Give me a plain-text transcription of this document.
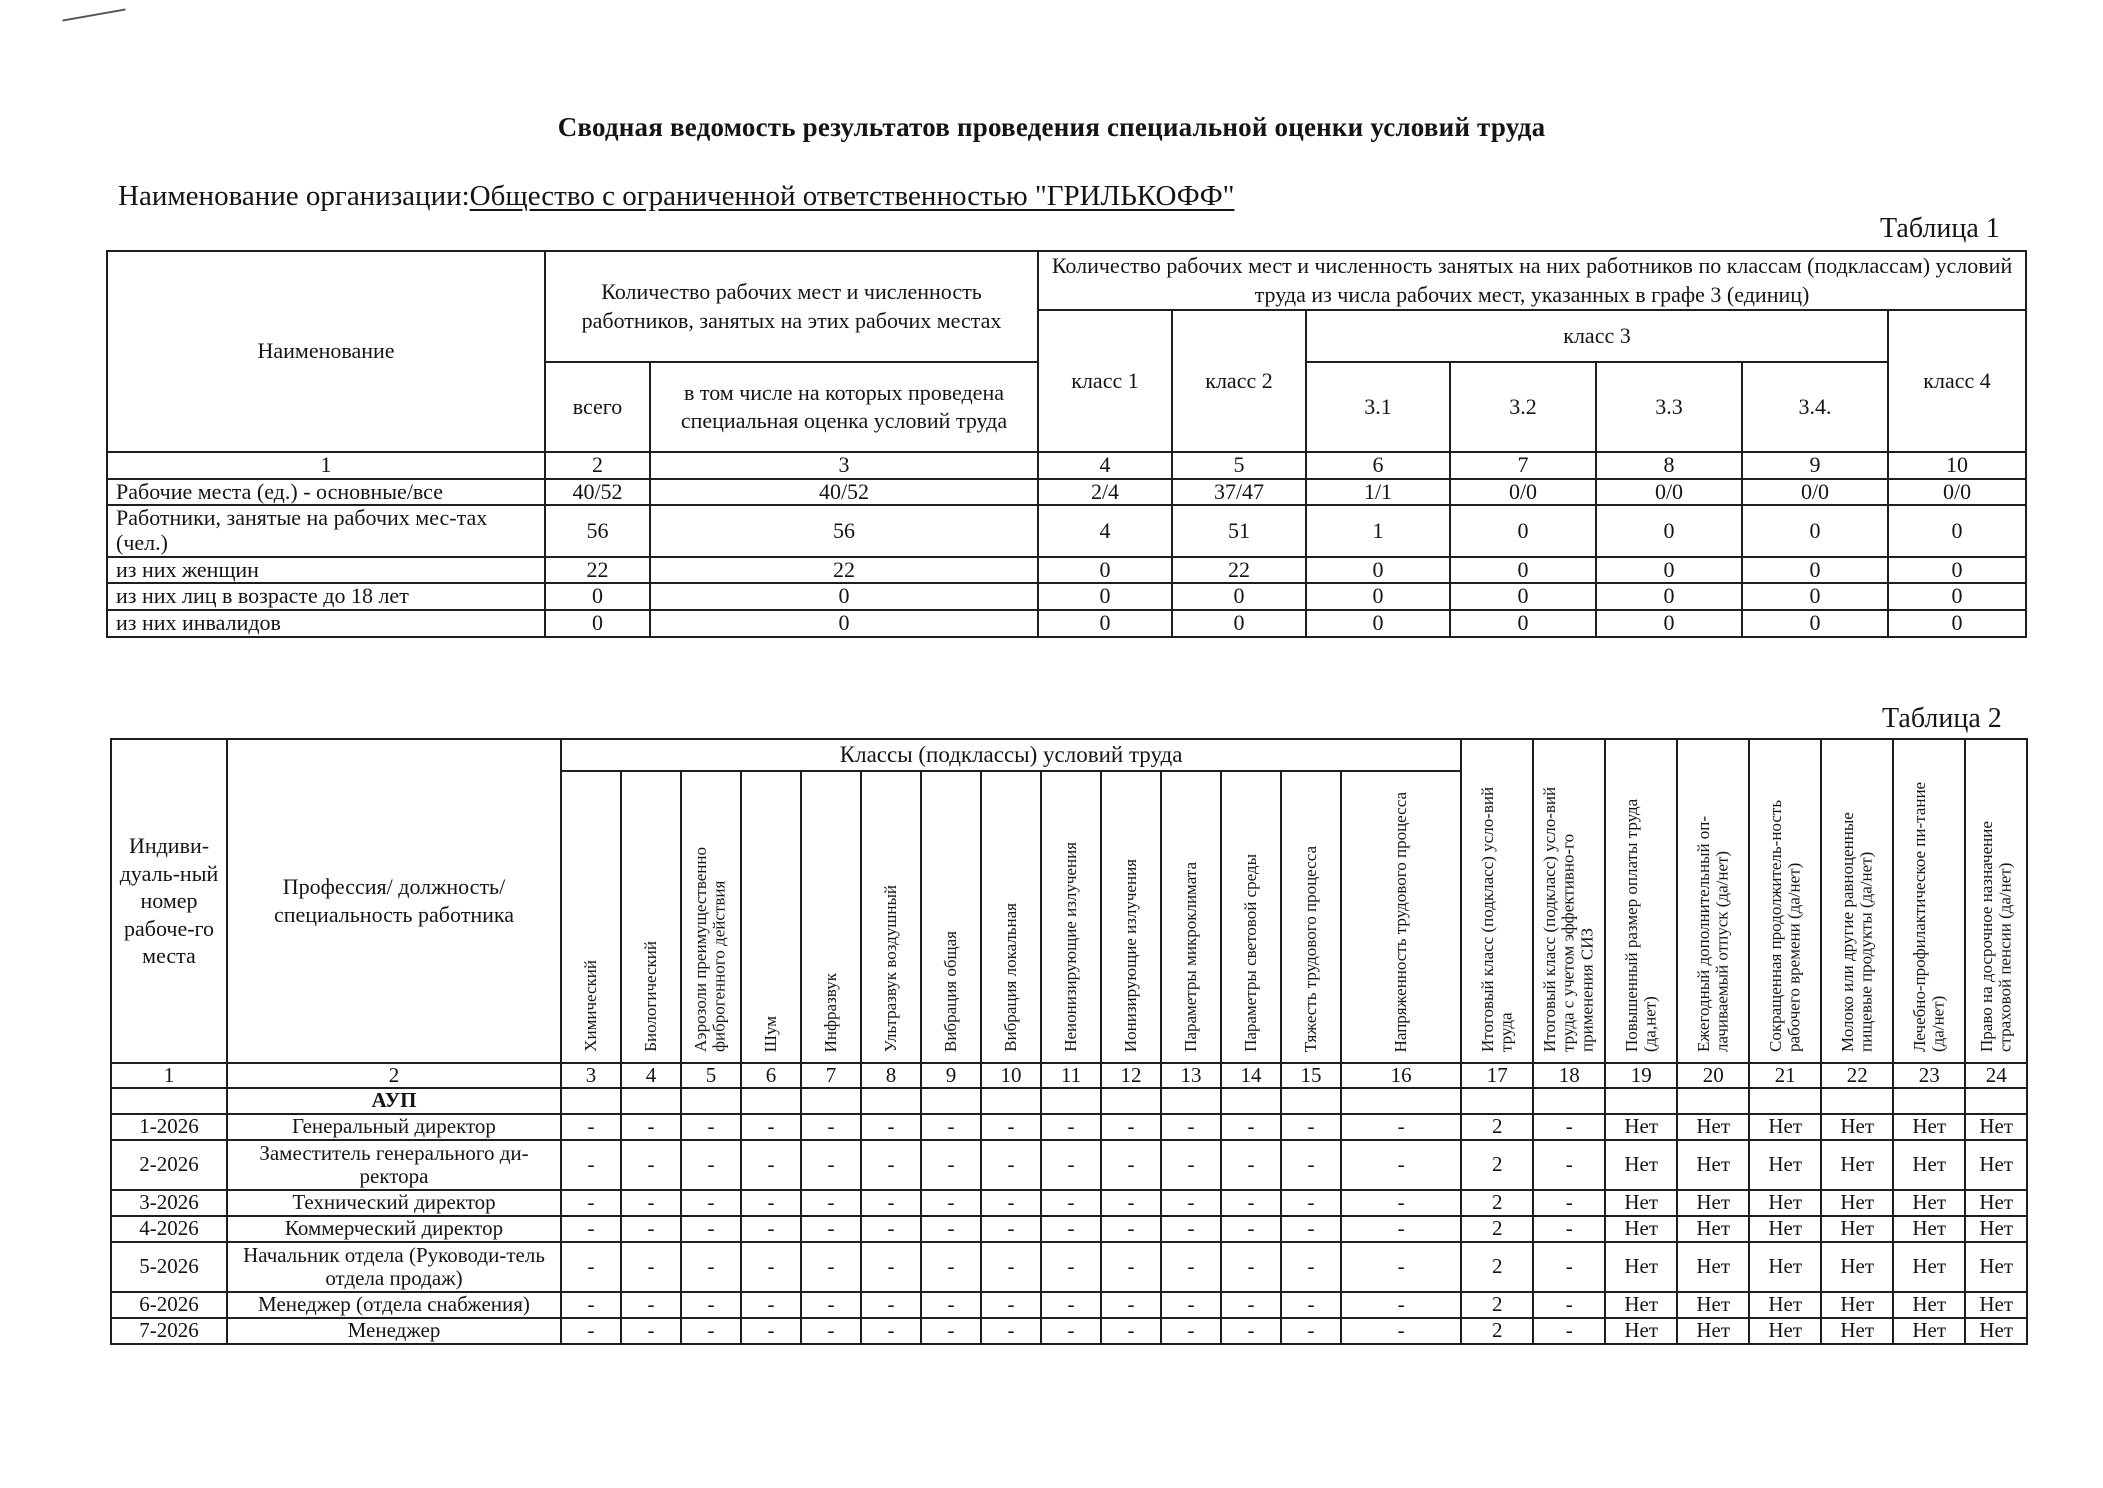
Сводная ведомость результатов проведения специальной оценки условий труда
Наименование организации:Общество с ограниченной ответственностью "ГРИЛЬКОФФ"
Таблица 1
Наименование	Количество рабочих мест и численность работников, занятых на этих рабочих местах		Количество рабочих мест и численность занятых на них работников по классам (подклассам) условий труда из числа рабочих мест, указанных в графе 3 (единиц)						
			класс 1	класс 2	класс 3				класс 4
	всего	в том числе на которых проведена специальная оценка условий труда			3.1	3.2	3.3	3.4.	
1	2	3	4	5	6	7	8	9	10
Рабочие места (ед.) - основные/все	40/52	40/52	2/4	37/47	1/1	0/0	0/0	0/0	0/0
Работники, занятые на рабочих мес-тах (чел.)	56	56	4	51	1	0	0	0	0
из них женщин	22	22	0	22	0	0	0	0	0
из них лиц в возрасте до 18 лет	0	0	0	0	0	0	0	0	0
из них инвалидов	0	0	0	0	0	0	0	0	0
Таблица 2
Индиви-дуаль-ный номер рабоче-го места	Профессия/ должность/ специальность работника	Классы (подклассы) условий труда														Итоговый класс (подкласс) усло-вий труда	Итоговый класс (подкласс) усло-вий труда с учетом эффективно-го применения СИЗ	Повышенный размер оплаты труда (да,нет)	Ежегодный дополнительный оп-лачиваемый отпуск (да/нет)	Сокращенная продолжитель-ность рабочего времени (да/нет)	Молоко или другие равноценные пищевые продукты (да/нет)	Лечебно-профилактическое пи-тание (да/нет)	Право на досрочное назначение страховой пенсии (да/нет)
		Химический	Биологический	Аэрозоли преимущественно фиброгенного действия	Шум	Инфразвук	Ультразвук воздушный	Вибрация общая	Вибрация локальная	Неионизирующие излучения	Ионизирующие излучения	Параметры микроклимата	Параметры световой среды	Тяжесть трудового процесса	Напряженность трудового процесса								
1	2	3	4	5	6	7	8	9	10	11	12	13	14	15	16	17	18	19	20	21	22	23	24
	АУП																						
1-2026	Генеральный директор	-	-	-	-	-	-	-	-	-	-	-	-	-	-	2	-	Нет	Нет	Нет	Нет	Нет	Нет
2-2026	Заместитель генерального ди-ректора	-	-	-	-	-	-	-	-	-	-	-	-	-	-	2	-	Нет	Нет	Нет	Нет	Нет	Нет
3-2026	Технический директор	-	-	-	-	-	-	-	-	-	-	-	-	-	-	2	-	Нет	Нет	Нет	Нет	Нет	Нет
4-2026	Коммерческий директор	-	-	-	-	-	-	-	-	-	-	-	-	-	-	2	-	Нет	Нет	Нет	Нет	Нет	Нет
5-2026	Начальник отдела (Руководи-тель отдела продаж)	-	-	-	-	-	-	-	-	-	-	-	-	-	-	2	-	Нет	Нет	Нет	Нет	Нет	Нет
6-2026	Менеджер (отдела снабжения)	-	-	-	-	-	-	-	-	-	-	-	-	-	-	2	-	Нет	Нет	Нет	Нет	Нет	Нет
7-2026	Менеджер	-	-	-	-	-	-	-	-	-	-	-	-	-	-	2	-	Нет	Нет	Нет	Нет	Нет	Нет
